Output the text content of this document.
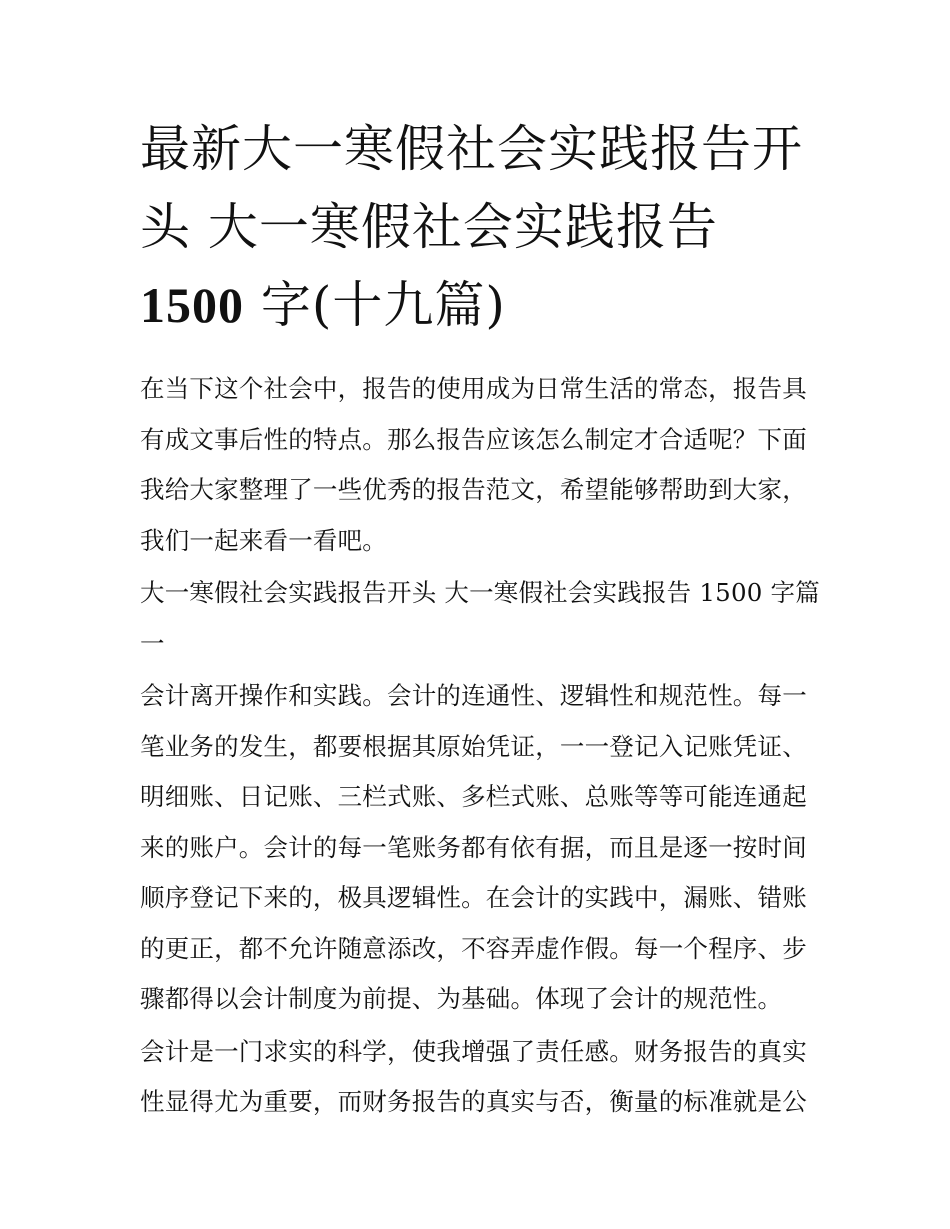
最新大一寒假社会实践报告开
头 大一寒假社会实践报告
1500 字(十九篇)

在当下这个社会中，报告的使用成为日常生活的常态，报告具
有成文事后性的特点。那么报告应该怎么制定才合适呢？下面
我给大家整理了一些优秀的报告范文，希望能够帮助到大家，
我们一起来看一看吧。

大一寒假社会实践报告开头 大一寒假社会实践报告 1500 字篇
一

会计离开操作和实践。会计的连通性、逻辑性和规范性。每一
笔业务的发生，都要根据其原始凭证，一一登记入记账凭证、
明细账、日记账、三栏式账、多栏式账、总账等等可能连通起
来的账户。会计的每一笔账务都有依有据，而且是逐一按时间
顺序登记下来的，极具逻辑性。在会计的实践中，漏账、错账
的更正，都不允许随意添改，不容弄虚作假。每一个程序、步
骤都得以会计制度为前提、为基础。体现了会计的规范性。

会计是一门求实的科学，使我增强了责任感。财务报告的真实
性显得尤为重要，而财务报告的真实与否，衡量的标准就是公
